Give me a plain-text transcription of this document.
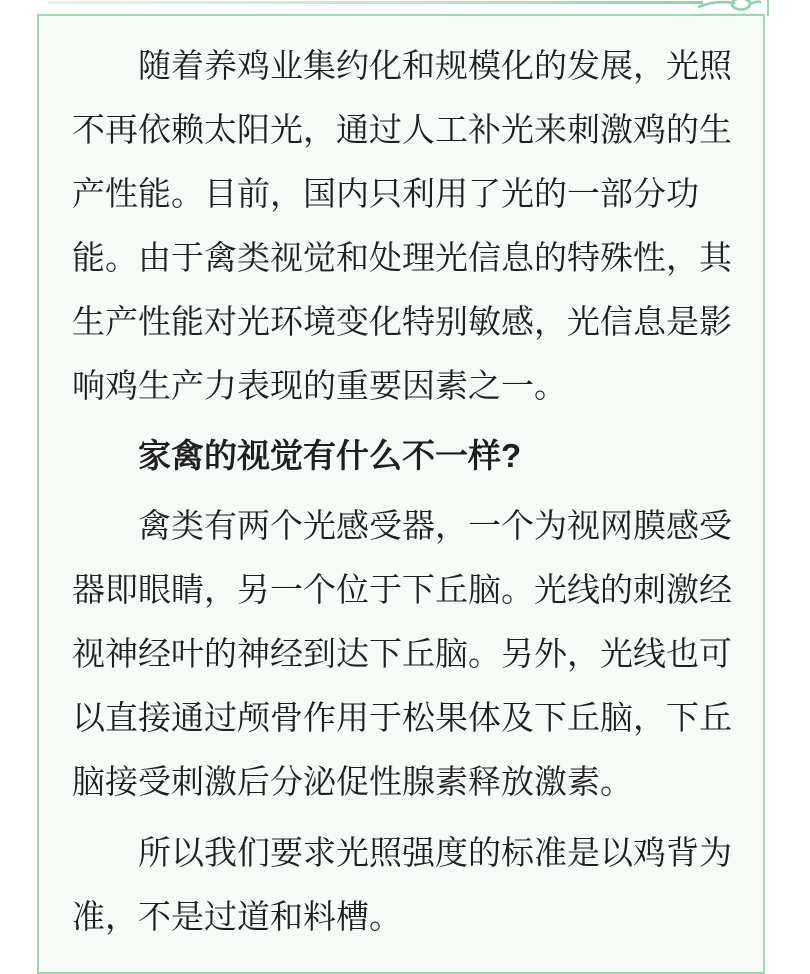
随着养鸡业集约化和规模化的发展，光照不再依赖太阳光，通过人工补光来刺激鸡的生产性能。目前，国内只利用了光的一部分功能。由于禽类视觉和处理光信息的特殊性，其生产性能对光环境变化特别敏感，光信息是影响鸡生产力表现的重要因素之一。

家禽的视觉有什么不一样?

禽类有两个光感受器，一个为视网膜感受器即眼睛，另一个位于下丘脑。光线的刺激经视神经叶的神经到达下丘脑。另外，光线也可以直接通过颅骨作用于松果体及下丘脑，下丘脑接受刺激后分泌促性腺素释放激素。

所以我们要求光照强度的标准是以鸡背为准，不是过道和料槽。
